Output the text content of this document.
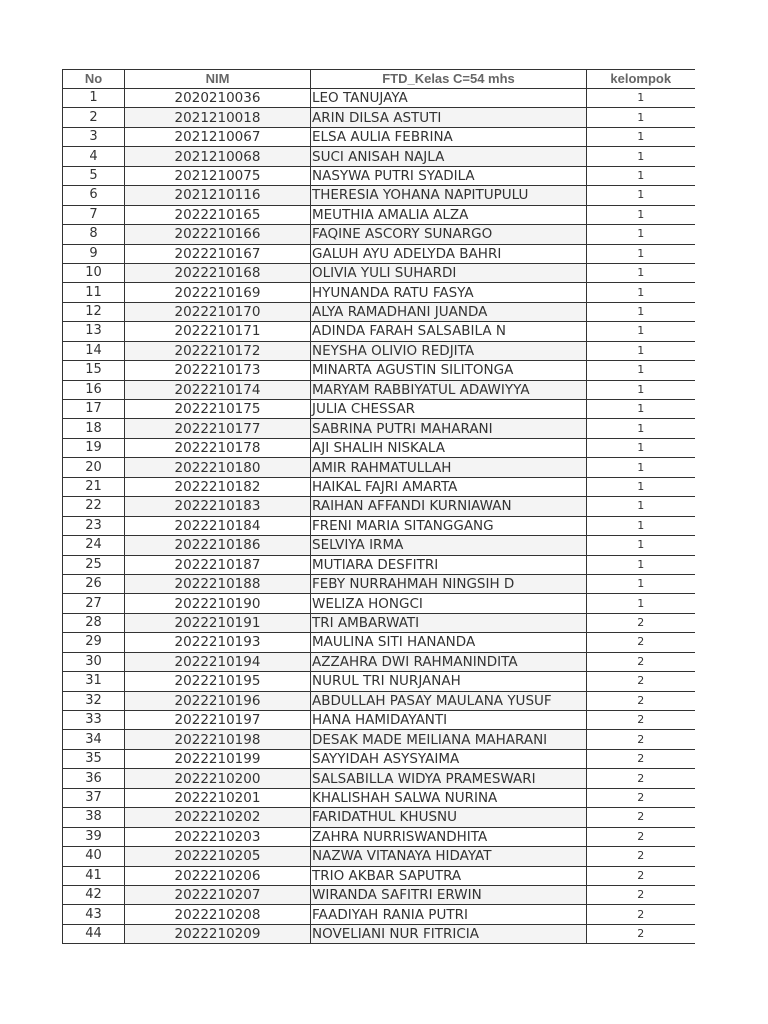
No	NIM	FTD_Kelas C=54 mhs	kelompok
1	2020210036	LEO TANUJAYA	1
2	2021210018	ARIN DILSA ASTUTI	1
3	2021210067	ELSA AULIA FEBRINA	1
4	2021210068	SUCI ANISAH NAJLA	1
5	2021210075	NASYWA PUTRI SYADILA	1
6	2021210116	THERESIA YOHANA NAPITUPULU	1
7	2022210165	MEUTHIA AMALIA ALZA	1
8	2022210166	FAQINE ASCORY SUNARGO	1
9	2022210167	GALUH AYU ADELYDA BAHRI	1
10	2022210168	OLIVIA YULI SUHARDI	1
11	2022210169	HYUNANDA RATU FASYA	1
12	2022210170	ALYA RAMADHANI JUANDA	1
13	2022210171	ADINDA FARAH SALSABILA N	1
14	2022210172	NEYSHA OLIVIO REDJITA	1
15	2022210173	MINARTA AGUSTIN SILITONGA	1
16	2022210174	MARYAM RABBIYATUL ADAWIYYA	1
17	2022210175	JULIA CHESSAR	1
18	2022210177	SABRINA PUTRI MAHARANI	1
19	2022210178	AJI SHALIH NISKALA	1
20	2022210180	AMIR RAHMATULLAH	1
21	2022210182	HAIKAL FAJRI AMARTA	1
22	2022210183	RAIHAN AFFANDI KURNIAWAN	1
23	2022210184	FRENI MARIA SITANGGANG	1
24	2022210186	SELVIYA IRMA	1
25	2022210187	MUTIARA DESFITRI	1
26	2022210188	FEBY NURRAHMAH NINGSIH D	1
27	2022210190	WELIZA HONGCI	1
28	2022210191	TRI AMBARWATI	2
29	2022210193	MAULINA SITI HANANDA	2
30	2022210194	AZZAHRA DWI RAHMANINDITA	2
31	2022210195	NURUL TRI NURJANAH	2
32	2022210196	ABDULLAH PASAY MAULANA YUSUF	2
33	2022210197	HANA HAMIDAYANTI	2
34	2022210198	DESAK MADE MEILIANA MAHARANI	2
35	2022210199	SAYYIDAH ASYSYAIMA	2
36	2022210200	SALSABILLA WIDYA PRAMESWARI	2
37	2022210201	KHALISHAH SALWA NURINA	2
38	2022210202	FARIDATHUL KHUSNU	2
39	2022210203	ZAHRA NURRISWANDHITA	2
40	2022210205	NAZWA VITANAYA HIDAYAT	2
41	2022210206	TRIO AKBAR SAPUTRA	2
42	2022210207	WIRANDA SAFITRI ERWIN	2
43	2022210208	FAADIYAH RANIA PUTRI	2
44	2022210209	NOVELIANI NUR FITRICIA	2
